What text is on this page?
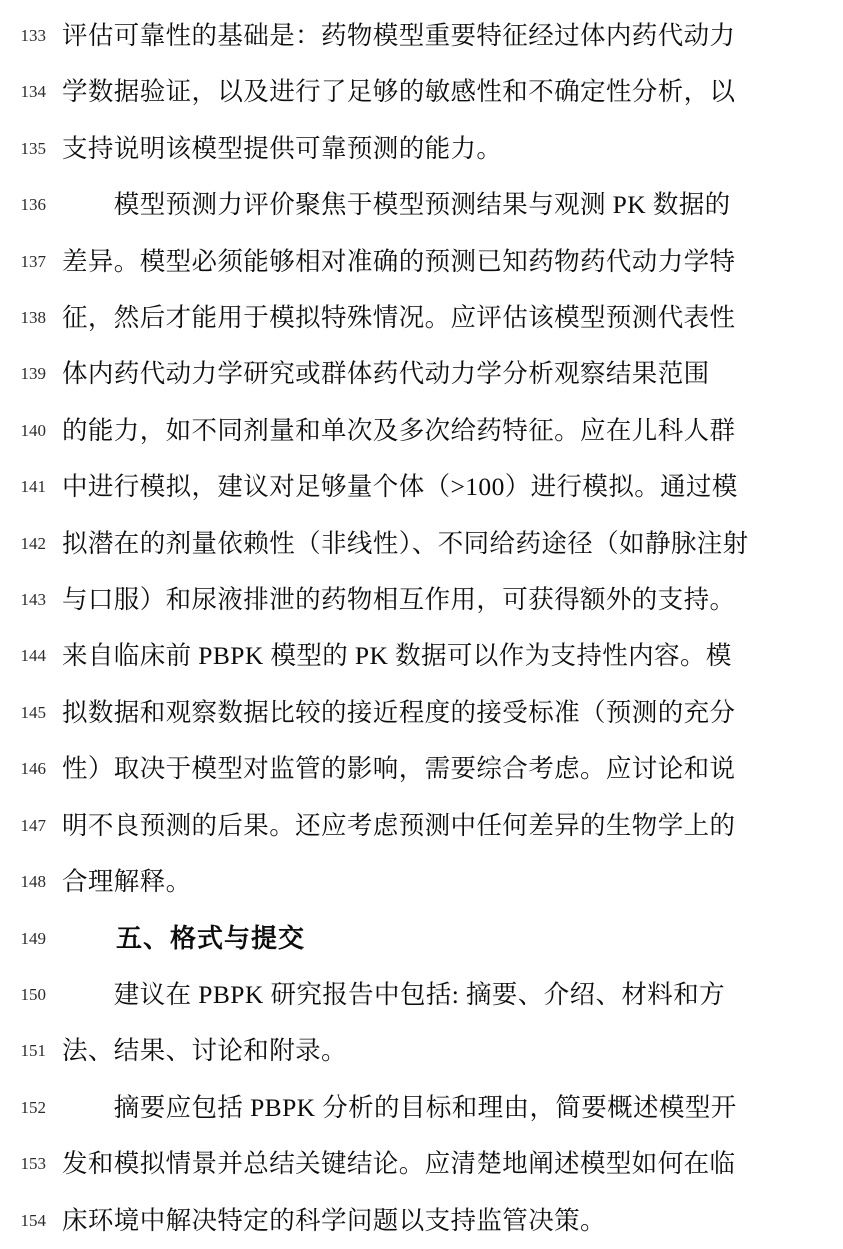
133 评估可靠性的基础是：药物模型重要特征经过体内药代动力
134 学数据验证，以及进行了足够的敏感性和不确定性分析，以
135 支持说明该模型提供可靠预测的能力。
136 　　模型预测力评价聚焦于模型预测结果与观测 PK 数据的
137 差异。模型必须能够相对准确的预测已知药物药代动力学特
138 征，然后才能用于模拟特殊情况。应评估该模型预测代表性
139 体内药代动力学研究或群体药代动力学分析观察结果范围
140 的能力，如不同剂量和单次及多次给药特征。应在儿科人群
141 中进行模拟，建议对足够量个体（>100）进行模拟。通过模
142 拟潜在的剂量依赖性（非线性）、不同给药途径（如静脉注射
143 与口服）和尿液排泄的药物相互作用，可获得额外的支持。
144 来自临床前 PBPK 模型的 PK 数据可以作为支持性内容。模
145 拟数据和观察数据比较的接近程度的接受标准（预测的充分
146 性）取决于模型对监管的影响，需要综合考虑。应讨论和说
147 明不良预测的后果。还应考虑预测中任何差异的生物学上的
148 合理解释。
149 　　五、格式与提交
150 　　建议在 PBPK 研究报告中包括: 摘要、介绍、材料和方
151 法、结果、讨论和附录。
152 　　摘要应包括 PBPK 分析的目标和理由，简要概述模型开
153 发和模拟情景并总结关键结论。应清楚地阐述模型如何在临
154 床环境中解决特定的科学问题以支持监管决策。
